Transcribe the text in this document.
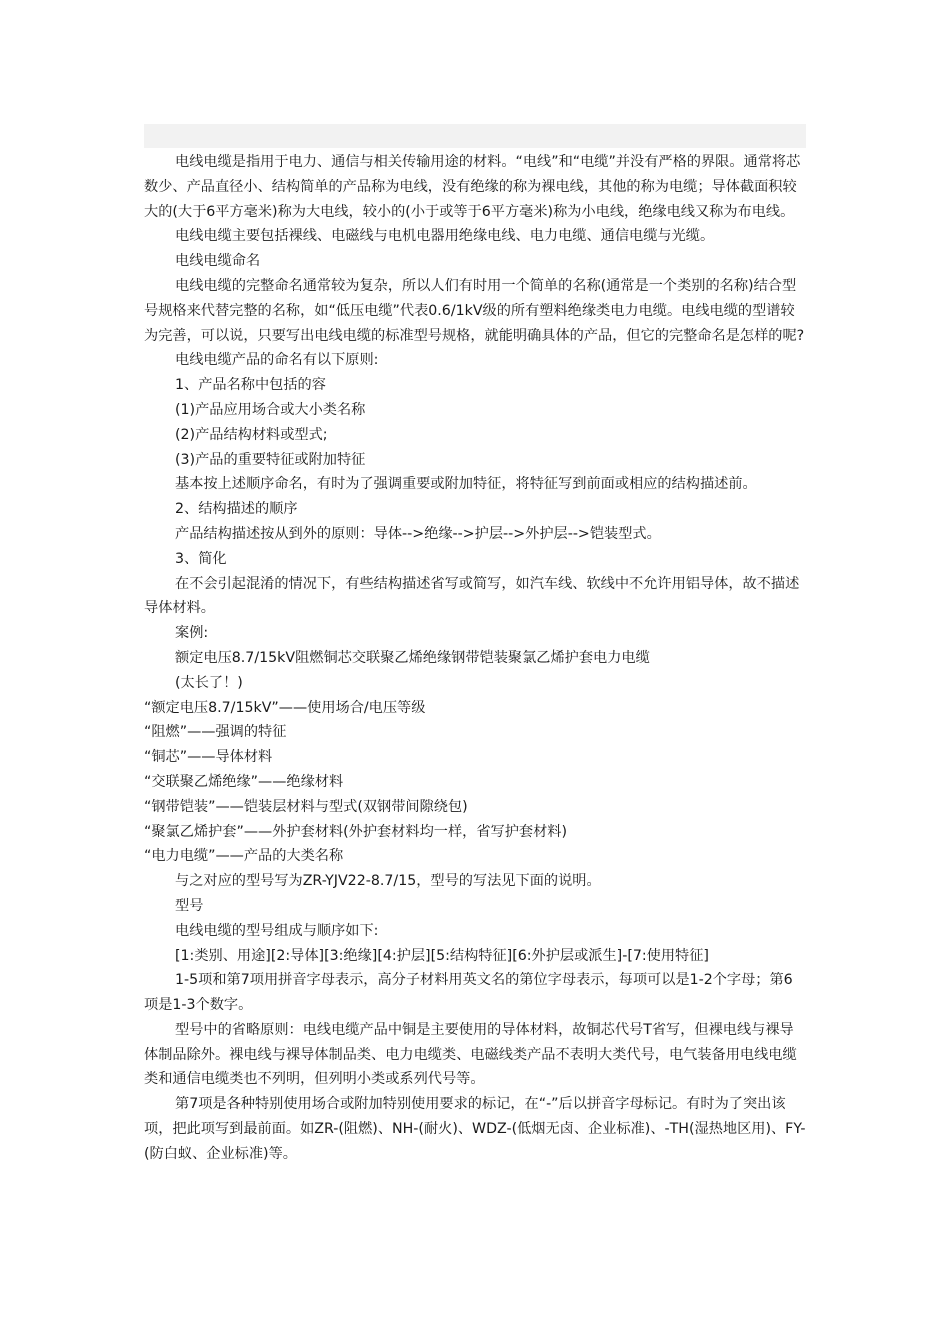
电线电缆是指用于电力、通信与相关传输用途的材料。“电线”和“电缆”并没有严格的界限。通常将芯数少、产品直径小、结构简单的产品称为电线，没有绝缘的称为裸电线，其他的称为电缆；导体截面积较大的(大于6平方毫米)称为大电线，较小的(小于或等于6平方毫米)称为小电线，绝缘电线又称为布电线。

电线电缆主要包括裸线、电磁线与电机电器用绝缘电线、电力电缆、通信电缆与光缆。

电线电缆命名

电线电缆的完整命名通常较为复杂，所以人们有时用一个简单的名称(通常是一个类别的名称)结合型号规格来代替完整的名称，如“低压电缆”代表0.6/1kV级的所有塑料绝缘类电力电缆。电线电缆的型谱较为完善，可以说，只要写出电线电缆的标准型号规格，就能明确具体的产品，但它的完整命名是怎样的呢?

电线电缆产品的命名有以下原则:

1、产品名称中包括的容

(1)产品应用场合或大小类名称

(2)产品结构材料或型式;

(3)产品的重要特征或附加特征

基本按上述顺序命名，有时为了强调重要或附加特征，将特征写到前面或相应的结构描述前。

2、结构描述的顺序

产品结构描述按从到外的原则：导体-->绝缘-->护层-->外护层-->铠装型式。

3、简化

在不会引起混淆的情况下，有些结构描述省写或简写，如汽车线、软线中不允许用铝导体，故不描述导体材料。

案例:

额定电压8.7/15kV阻燃铜芯交联聚乙烯绝缘钢带铠装聚氯乙烯护套电力电缆

(太长了！)

“额定电压8.7/15kV”——使用场合/电压等级

“阻燃”——强调的特征

“铜芯”——导体材料

“交联聚乙烯绝缘”——绝缘材料

“钢带铠装”——铠装层材料与型式(双钢带间隙绕包)

“聚氯乙烯护套”——外护套材料(外护套材料均一样，省写护套材料)

“电力电缆”——产品的大类名称

与之对应的型号写为ZR-YJV22-8.7/15，型号的写法见下面的说明。

型号

电线电缆的型号组成与顺序如下:

[1:类别、用途][2:导体][3:绝缘][4:护层][5:结构特征][6:外护层或派生]-[7:使用特征]

1-5项和第7项用拼音字母表示，高分子材料用英文名的第位字母表示，每项可以是1-2个字母；第6项是1-3个数字。

型号中的省略原则：电线电缆产品中铜是主要使用的导体材料，故铜芯代号T省写，但裸电线与裸导体制品除外。裸电线与裸导体制品类、电力电缆类、电磁线类产品不表明大类代号，电气装备用电线电缆类和通信电缆类也不列明，但列明小类或系列代号等。

第7项是各种特别使用场合或附加特别使用要求的标记，在“-”后以拼音字母标记。有时为了突出该项，把此项写到最前面。如ZR-(阻燃)、NH-(耐火)、WDZ-(低烟无卤、企业标准)、-TH(湿热地区用)、FY-(防白蚁、企业标准)等。
